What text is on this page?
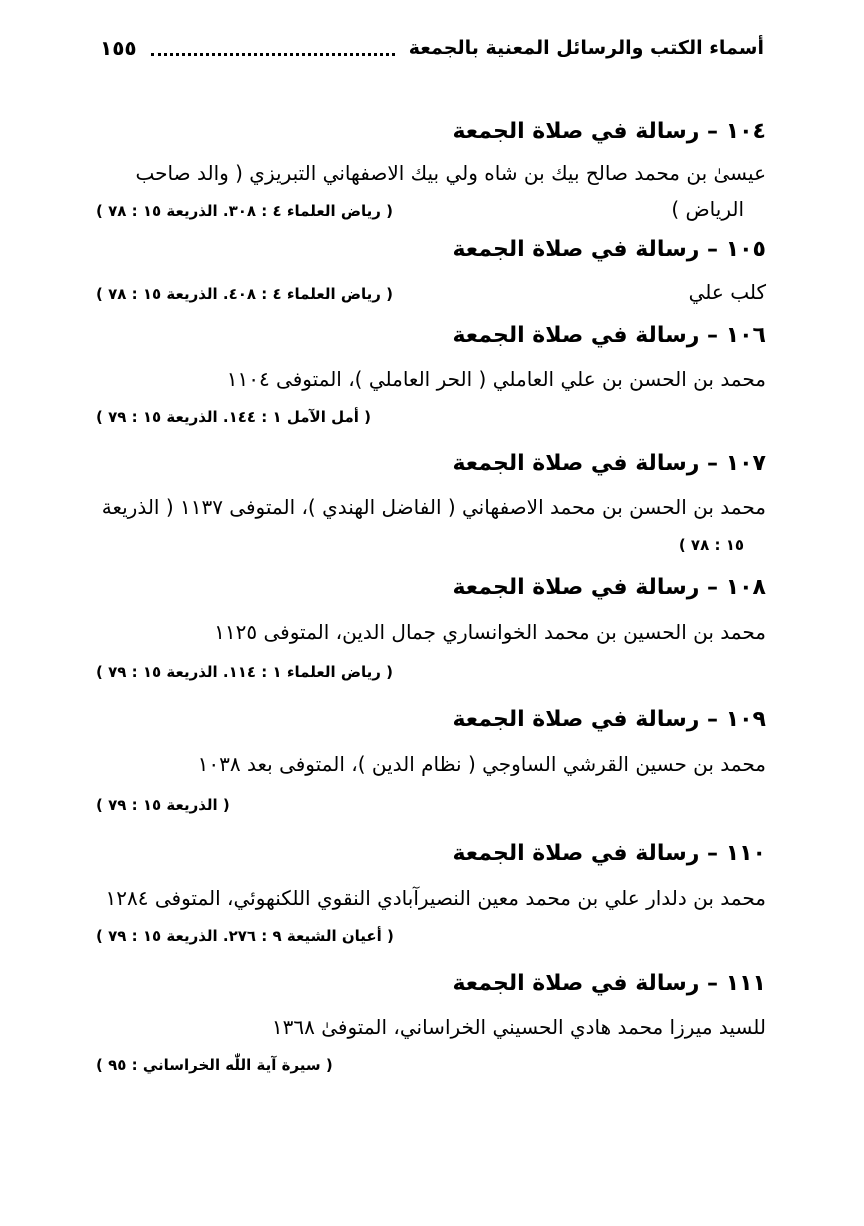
أسماء الكتب والرسائل المعنية بالجمعة
١٥٥
١٠٤ – رسالة في صلاة الجمعة
عيسىٰ بن محمد صالح بيك بن شاه ولي بيك الاصفهاني التبريزي ( والد صاحب
الرياض )
( رياض العلماء ٤ : ٣٠٨. الذريعة ١٥ : ٧٨ )
١٠٥ – رسالة في صلاة الجمعة
كلب علي
( رياض العلماء ٤ : ٤٠٨. الذريعة ١٥ : ٧٨ )
١٠٦ – رسالة في صلاة الجمعة
محمد بن الحسن بن علي العاملي ( الحر العاملي )، المتوفى ١١٠٤
( أمل الآمل ١ : ١٤٤. الذريعة ١٥ : ٧٩ )
١٠٧ – رسالة في صلاة الجمعة
محمد بن الحسن بن محمد الاصفهاني ( الفاضل الهندي )، المتوفى ١١٣٧ ( الذريعة
١٥ : ٧٨ )
١٠٨ – رسالة في صلاة الجمعة
محمد بن الحسين بن محمد الخوانساري جمال الدين، المتوفى ١١٢٥
( رياض العلماء ١ : ١١٤. الذريعة ١٥ : ٧٩ )
١٠٩ – رسالة في صلاة الجمعة
محمد بن حسين القرشي الساوجي ( نظام الدين )، المتوفى بعد ١٠٣٨
( الذريعة ١٥ : ٧٩ )
١١٠ – رسالة في صلاة الجمعة
محمد بن دلدار علي بن محمد معين النصيرآبادي النقوي اللكنهوئي، المتوفى ١٢٨٤
( أعيان الشيعة ٩ : ٢٧٦. الذريعة ١٥ : ٧٩ )
١١١ – رسالة في صلاة الجمعة
للسيد ميرزا محمد هادي الحسيني الخراساني، المتوفىٰ ١٣٦٨
( سيرة آية اللّٰه الخراساني : ٩٥ )
